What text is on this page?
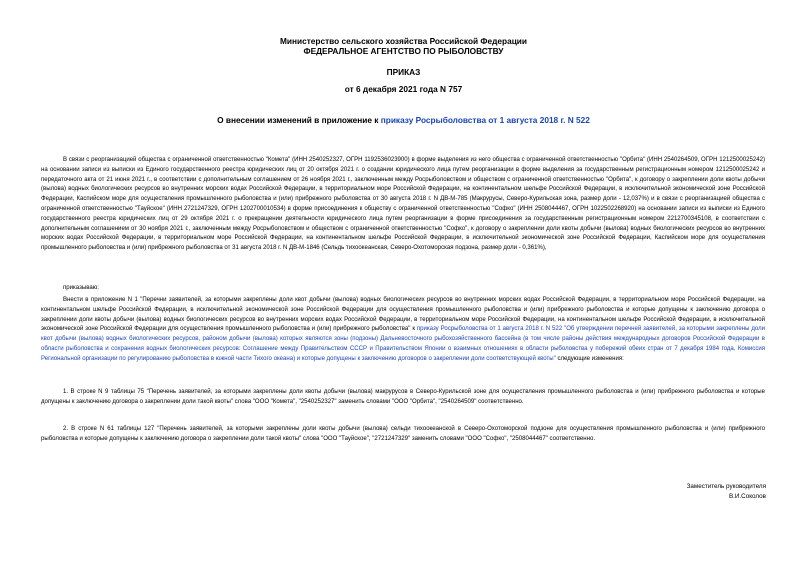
Министерство сельского хозяйства Российской Федерации
ФЕДЕРАЛЬНОЕ АГЕНТСТВО ПО РЫБОЛОВСТВУ
ПРИКАЗ
от 6 декабря 2021 года N 757
О внесении изменений в приложение к приказу Росрыболовства от 1 августа 2018 г. N 522

В связи с реорганизацией общества с ограниченной ответственностью "Комета" (ИНН 2540252327, ОГРН 1192536023900) в форме выделения из него общества с ограниченной ответственностью "Орбита" (ИНН 2540264509, ОГРН 1212500025242) на основании записи из выписки из Единого государственного реестра юридических лиц от 20 октября 2021 г. о создании юридического лица путем реорганизации в форме выделения за государственным регистрационным номером 1212500025242 и передаточного акта от 21 июня 2021 г., в соответствии с дополнительным соглашением от 26 ноября 2021 г., заключенным между Росрыболовством и обществом с ограниченной ответственностью "Орбита", к договору о закреплении доли квоты добычи (вылова) водных биологических ресурсов во внутренних морских водах Российской Федерации, в территориальном море Российской Федерации, на континентальном шельфе Российской Федерации, в исключительной экономической зоне Российской Федерации, Каспийском море для осуществления промышленного рыболовства и (или) прибрежного рыболовства от 30 августа 2018 г. N ДВ-М-785 (Макрурусы, Северо-Курильская зона, размер доли - 12,037%) и в связи с реорганизацией общества с ограниченной ответственностью "Тауйское" (ИНН 2721247329, ОГРН 1202700010534) в форме присоединения к обществу с ограниченной ответственностью "Софко" (ИНН 2508044467, ОГРН 1022502268920) на основании записи из выписки из Единого государственного реестра юридических лиц от 29 октября 2021 г. о прекращении деятельности юридического лица путем реорганизации в форме присоединения за государственным регистрационным номером 2212700345108, в соответствии с дополнительным соглашением от 30 ноября 2021 г., заключенным между Росрыболовством и обществом с ограниченной ответственностью "Софко", к договору о закреплении доли квоты добычи (вылова) водных биологических ресурсов во внутренних морских водах Российской Федерации, в территориальном море Российской Федерации, на континентальном шельфе Российской Федерации, в исключительной экономической зоне Российской Федерации, Каспийском море для осуществления промышленного рыболовства и (или) прибрежного рыболовства от 31 августа 2018 г. N ДВ-М-1846 (Сельдь тихоокеанская, Северо-Охотоморская подзона, размер доли - 0,361%),

приказываю:

Внести в приложение N 1 "Перечни заявителей, за которыми закреплены доли квот добычи (вылова) водных биологических ресурсов во внутренних морских водах Российской Федерации, в территориальном море Российской Федерации, на континентальном шельфе Российской Федерации, в исключительной экономической зоне Российской Федерации для осуществления промышленного рыболовства и (или) прибрежного рыболовства и которые допущены к заключению договора о закреплении доли квоты добычи (вылова) водных биологических ресурсов во внутренних морских водах Российской Федерации, в территориальном море Российской Федерации, на континентальном шельфе Российской Федерации, в исключительной экономической зоне Российской Федерации для осуществления промышленного рыболовства и (или) прибрежного рыболовства" к приказу Росрыболовства от 1 августа 2018 г. N 522 "Об утверждении перечней заявителей, за которыми закреплены доли квот добычи (вылова) водных биологических ресурсов, районом добычи (вылова) которых являются зоны (подзоны) Дальневосточного рыбохозяйственного бассейна (в том числе районы действия международных договоров Российской Федерации в области рыболовства и сохранения водных биологических ресурсов: Соглашение между Правительством СССР и Правительством Японии о взаимных отношениях в области рыболовства у побережий обеих стран от 7 декабря 1984 года, Комиссия Региональной организации по регулированию рыболовства в южной части Тихого океана) и которые допущены к заключению договоров о закреплении доли соответствующей квоты" следующие изменения:

1. В строке N 9 таблицы 75 "Перечень заявителей, за которыми закреплены доли квоты добычи (вылова) макрурусов в Северо-Курильской зоне для осуществления промышленного рыболовства и (или) прибрежного рыболовства и которые допущены к заключению договора о закреплении доли такой квоты" слова "ООО "Комета", "2540252327" заменить словами "ООО "Орбита", "2540264509" соответственно.

2. В строке N 61 таблицы 127 "Перечень заявителей, за которыми закреплены доли квоты добычи (вылова) сельди тихоокеанской в Северо-Охотоморской подзоне для осуществления промышленного рыболовства и (или) прибрежного рыболовства и которые допущены к заключению договора о закреплении доли такой квоты" слова "ООО "Тауйское", "2721247329" заменить словами "ООО "Софко", "2508044467" соответственно.

Заместитель руководителя
В.И.Соколов
